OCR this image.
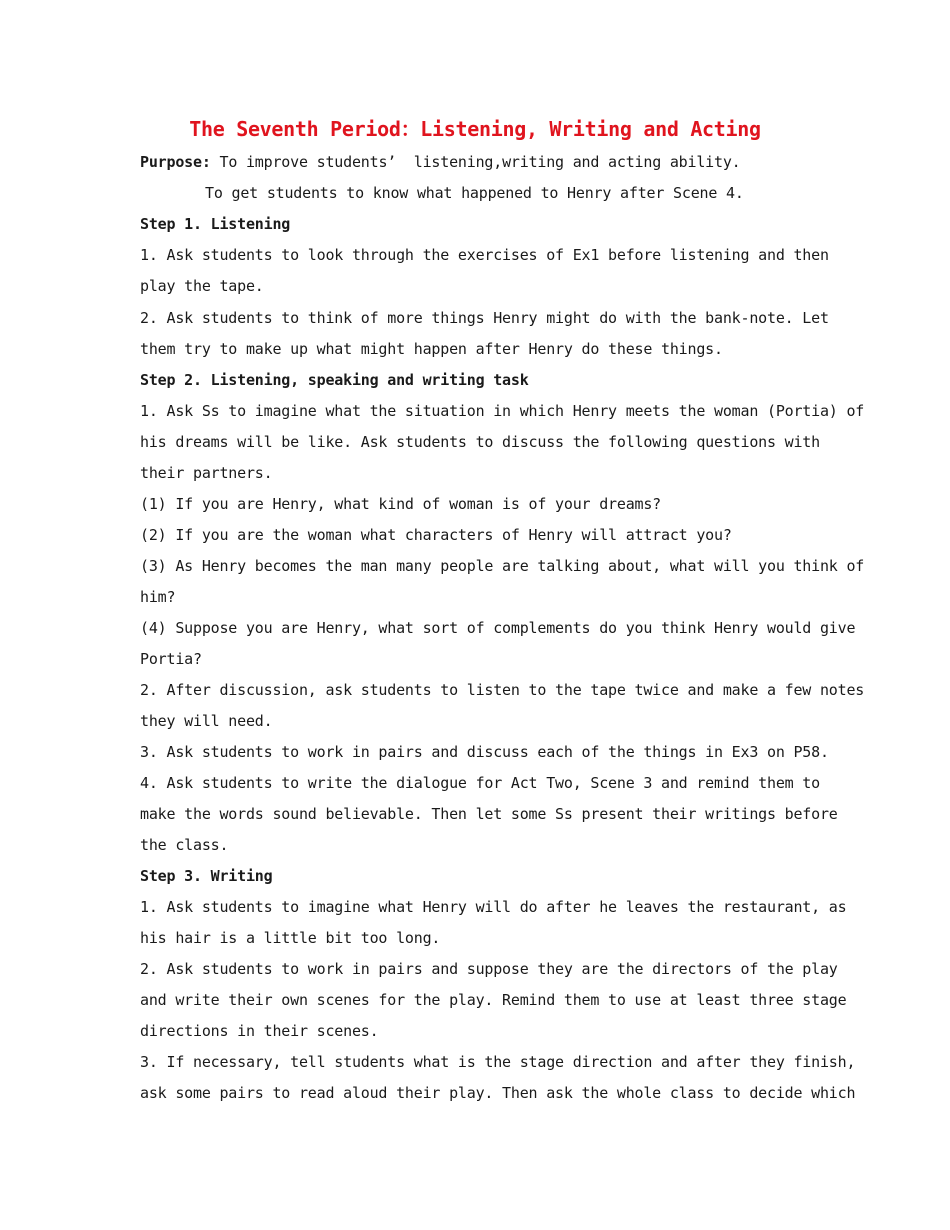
The Seventh Period：Listening, Writing and Acting
Purpose: To improve students’  listening,writing and acting ability.
To get students to know what happened to Henry after Scene 4.
Step 1. Listening
1. Ask students to look through the exercises of Ex1 before listening and then
play the tape.
2. Ask students to think of more things Henry might do with the bank-note. Let
them try to make up what might happen after Henry do these things.
Step 2. Listening, speaking and writing task
1. Ask Ss to imagine what the situation in which Henry meets the woman (Portia) of
his dreams will be like. Ask students to discuss the following questions with
their partners.
(1) If you are Henry, what kind of woman is of your dreams?
(2) If you are the woman what characters of Henry will attract you?
(3) As Henry becomes the man many people are talking about, what will you think of
him?
(4) Suppose you are Henry, what sort of complements do you think Henry would give
Portia?
2. After discussion, ask students to listen to the tape twice and make a few notes
they will need.
3. Ask students to work in pairs and discuss each of the things in Ex3 on P58.
4. Ask students to write the dialogue for Act Two, Scene 3 and remind them to
make the words sound believable. Then let some Ss present their writings before
the class.
Step 3. Writing
1. Ask students to imagine what Henry will do after he leaves the restaurant, as
his hair is a little bit too long.
2. Ask students to work in pairs and suppose they are the directors of the play
and write their own scenes for the play. Remind them to use at least three stage
directions in their scenes.
3. If necessary, tell students what is the stage direction and after they finish,
ask some pairs to read aloud their play. Then ask the whole class to decide which
